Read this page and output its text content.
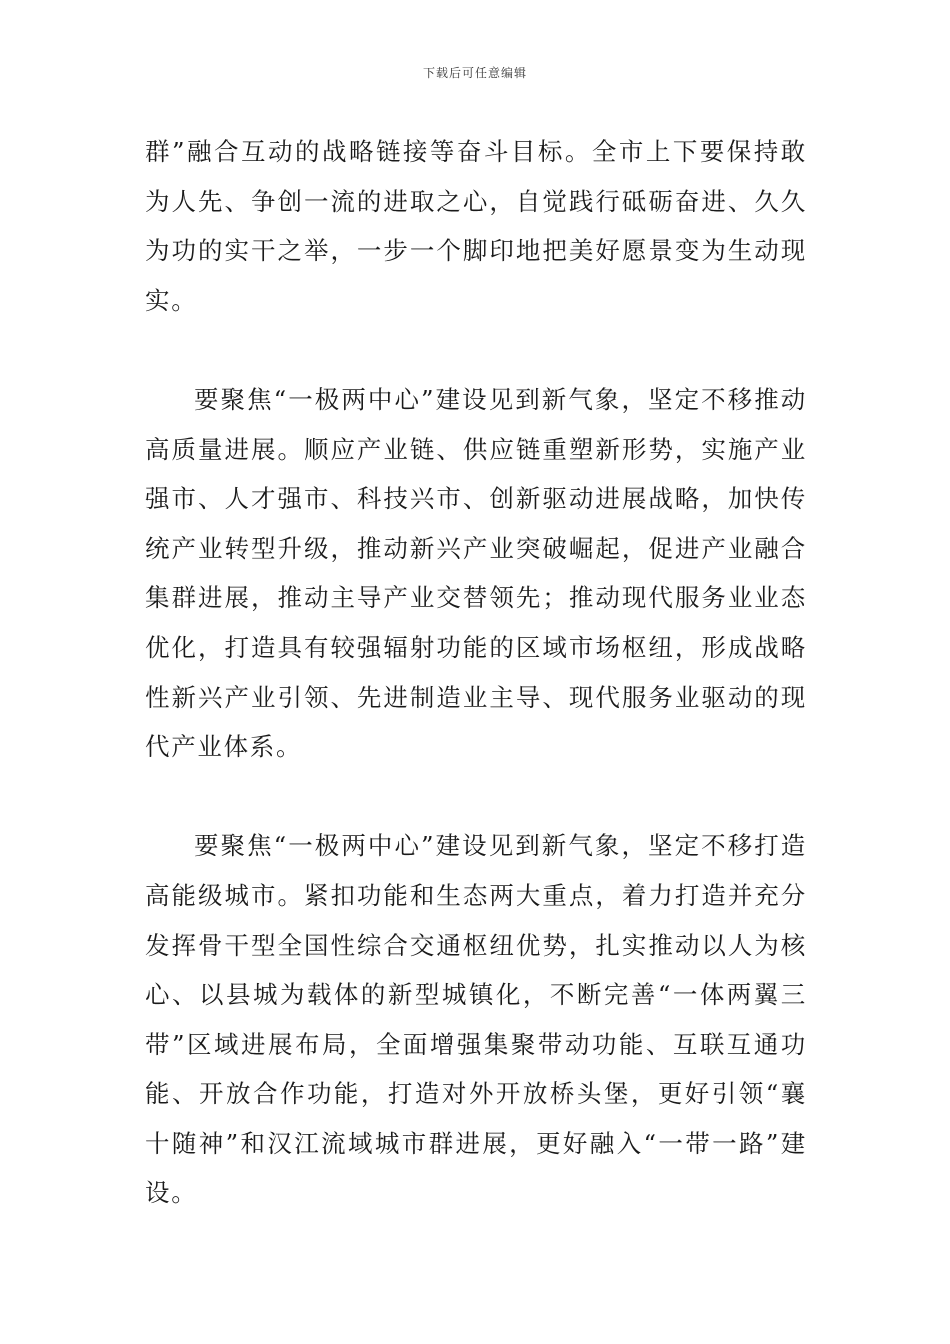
下载后可任意编辑

群”融合互动的战略链接等奋斗目标。全市上下要保持敢为人先、争创一流的进取之心，自觉践行砥砺奋进、久久为功的实干之举，一步一个脚印地把美好愿景变为生动现实。

要聚焦“一极两中心”建设见到新气象，坚定不移推动高质量进展。顺应产业链、供应链重塑新形势，实施产业强市、人才强市、科技兴市、创新驱动进展战略，加快传统产业转型升级，推动新兴产业突破崛起，促进产业融合集群进展，推动主导产业交替领先；推动现代服务业业态优化，打造具有较强辐射功能的区域市场枢纽，形成战略性新兴产业引领、先进制造业主导、现代服务业驱动的现代产业体系。

要聚焦“一极两中心”建设见到新气象，坚定不移打造高能级城市。紧扣功能和生态两大重点，着力打造并充分发挥骨干型全国性综合交通枢纽优势，扎实推动以人为核心、以县城为载体的新型城镇化，不断完善“一体两翼三带”区域进展布局，全面增强集聚带动功能、互联互通功能、开放合作功能，打造对外开放桥头堡，更好引领“襄十随神”和汉江流域城市群进展，更好融入“一带一路”建设。
